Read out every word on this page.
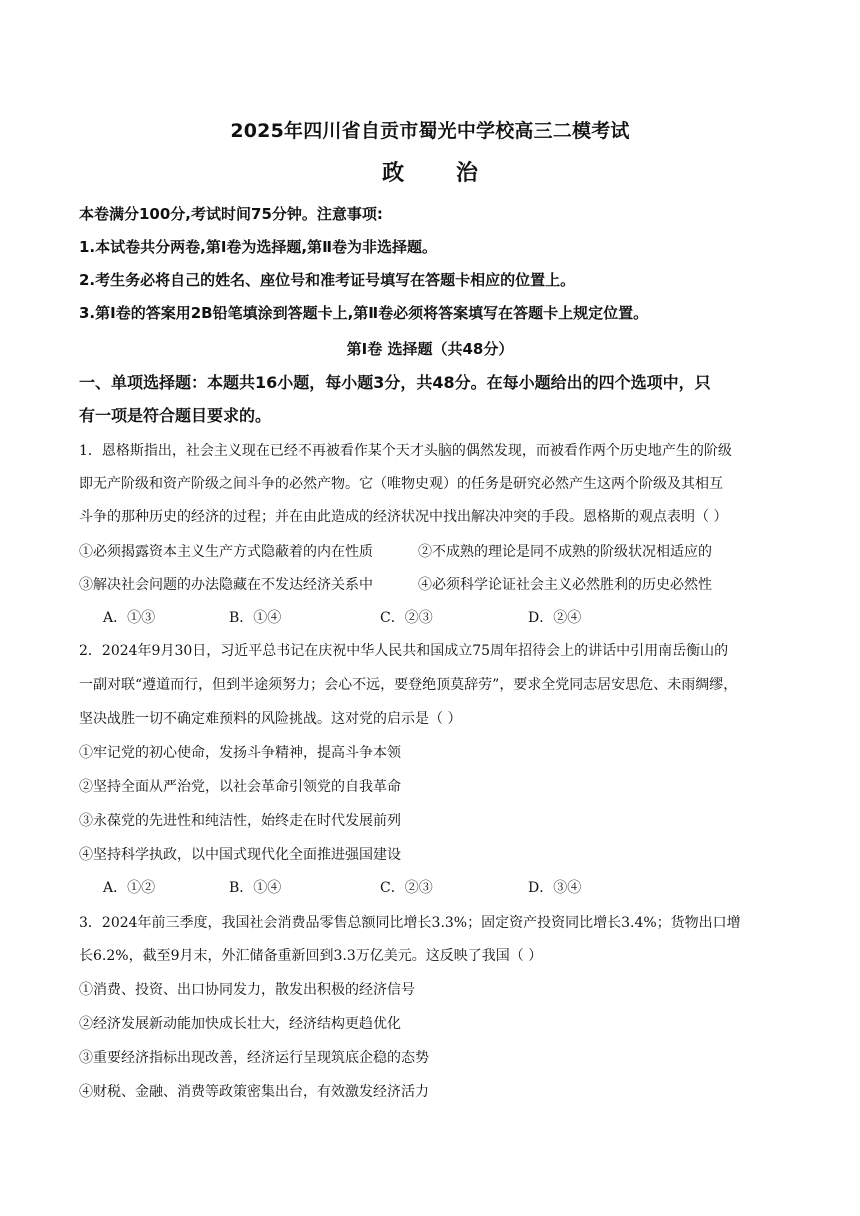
2025年四川省自贡市蜀光中学校高三二模考试
政 治
本卷满分100分,考试时间75分钟。注意事项:
1.本试卷共分两卷,第Ⅰ卷为选择题,第Ⅱ卷为非选择题。
2.考生务必将自己的姓名、座位号和准考证号填写在答题卡相应的位置上。
3.第Ⅰ卷的答案用2B铅笔填涂到答题卡上,第Ⅱ卷必须将答案填写在答题卡上规定位置。
第Ⅰ卷 选择题（共48分）
一、单项选择题：本题共16小题，每小题3分，共48分。在每小题给出的四个选项中，只
有一项是符合题目要求的。
1．恩格斯指出，社会主义现在已经不再被看作某个天才头脑的偶然发现，而被看作两个历史地产生的阶级
即无产阶级和资产阶级之间斗争的必然产物。它（唯物史观）的任务是研究必然产生这两个阶级及其相互
斗争的那种历史的经济的过程；并在由此造成的经济状况中找出解决冲突的手段。恩格斯的观点表明（ ）
①必须揭露资本主义生产方式隐蔽着的内在性质	②不成熟的理论是同不成熟的阶级状况相适应的
③解决社会问题的办法隐藏在不发达经济关系中	④必须科学论证社会主义必然胜利的历史必然性
A．①③	B．①④	C．②③	D．②④
2．2024年9月30日，习近平总书记在庆祝中华人民共和国成立75周年招待会上的讲话中引用南岳衡山的
一副对联“遵道而行，但到半途须努力；会心不远，要登绝顶莫辞劳”，要求全党同志居安思危、未雨绸缪，
坚决战胜一切不确定难预料的风险挑战。这对党的启示是（ ）
①牢记党的初心使命，发扬斗争精神，提高斗争本领
②坚持全面从严治党，以社会革命引领党的自我革命
③永葆党的先进性和纯洁性，始终走在时代发展前列
④坚持科学执政，以中国式现代化全面推进强国建设
A．①②	B．①④	C．②③	D．③④
3．2024年前三季度，我国社会消费品零售总额同比增长3.3%；固定资产投资同比增长3.4%；货物出口增
长6.2%，截至9月末，外汇储备重新回到3.3万亿美元。这反映了我国（ ）
①消费、投资、出口协同发力，散发出积极的经济信号
②经济发展新动能加快成长壮大，经济结构更趋优化
③重要经济指标出现改善，经济运行呈现筑底企稳的态势
④财税、金融、消费等政策密集出台，有效激发经济活力
